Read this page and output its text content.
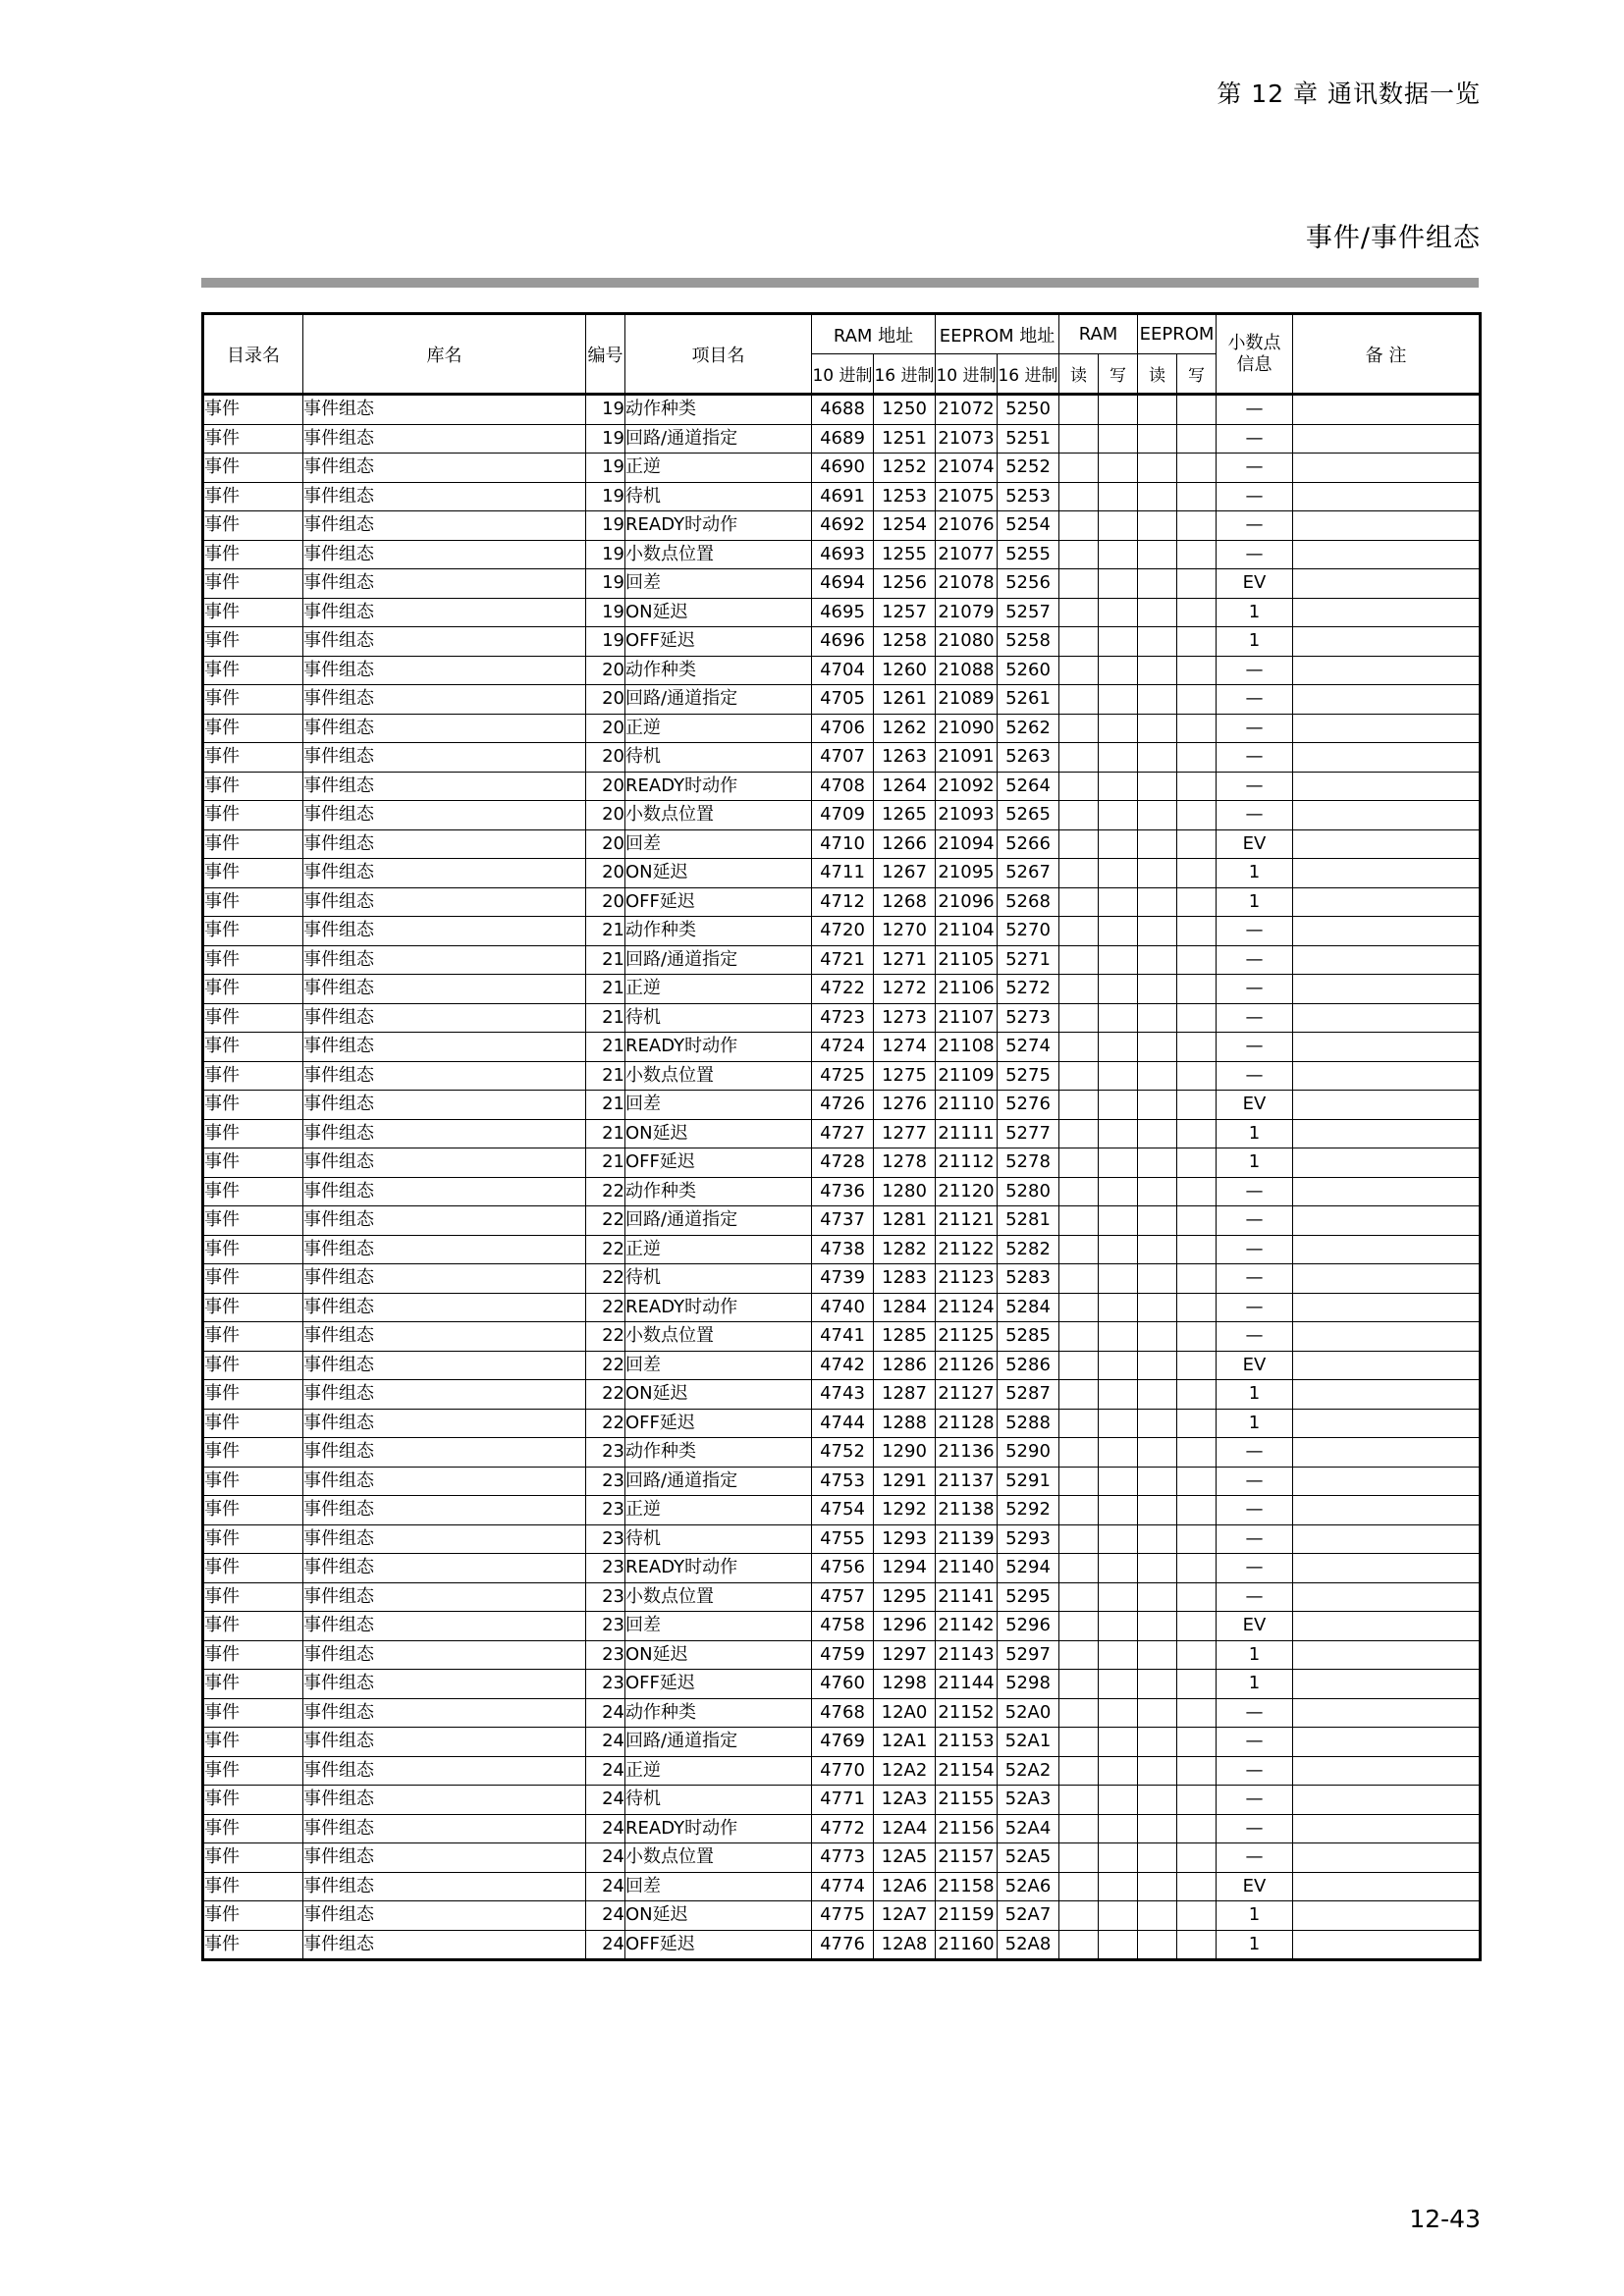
第 12 章 通讯数据一览
事件/事件组态
目录名	库名	编号	项目名	RAM 地址		EEPROM 地址		RAM		EEPROM		小数点信息	备 注
				10 进制	16 进制	10 进制	16 进制	读	写	读	写		
事件	事件组态	19	动作种类	4688	1250	21072	5250					—	
事件	事件组态	19	回路/通道指定	4689	1251	21073	5251					—	
事件	事件组态	19	正逆	4690	1252	21074	5252					—	
事件	事件组态	19	待机	4691	1253	21075	5253					—	
事件	事件组态	19	READY时动作	4692	1254	21076	5254					—	
事件	事件组态	19	小数点位置	4693	1255	21077	5255					—	
事件	事件组态	19	回差	4694	1256	21078	5256					EV	
事件	事件组态	19	ON延迟	4695	1257	21079	5257					1	
事件	事件组态	19	OFF延迟	4696	1258	21080	5258					1	
事件	事件组态	20	动作种类	4704	1260	21088	5260					—	
事件	事件组态	20	回路/通道指定	4705	1261	21089	5261					—	
事件	事件组态	20	正逆	4706	1262	21090	5262					—	
事件	事件组态	20	待机	4707	1263	21091	5263					—	
事件	事件组态	20	READY时动作	4708	1264	21092	5264					—	
事件	事件组态	20	小数点位置	4709	1265	21093	5265					—	
事件	事件组态	20	回差	4710	1266	21094	5266					EV	
事件	事件组态	20	ON延迟	4711	1267	21095	5267					1	
事件	事件组态	20	OFF延迟	4712	1268	21096	5268					1	
事件	事件组态	21	动作种类	4720	1270	21104	5270					—	
事件	事件组态	21	回路/通道指定	4721	1271	21105	5271					—	
事件	事件组态	21	正逆	4722	1272	21106	5272					—	
事件	事件组态	21	待机	4723	1273	21107	5273					—	
事件	事件组态	21	READY时动作	4724	1274	21108	5274					—	
事件	事件组态	21	小数点位置	4725	1275	21109	5275					—	
事件	事件组态	21	回差	4726	1276	21110	5276					EV	
事件	事件组态	21	ON延迟	4727	1277	21111	5277					1	
事件	事件组态	21	OFF延迟	4728	1278	21112	5278					1	
事件	事件组态	22	动作种类	4736	1280	21120	5280					—	
事件	事件组态	22	回路/通道指定	4737	1281	21121	5281					—	
事件	事件组态	22	正逆	4738	1282	21122	5282					—	
事件	事件组态	22	待机	4739	1283	21123	5283					—	
事件	事件组态	22	READY时动作	4740	1284	21124	5284					—	
事件	事件组态	22	小数点位置	4741	1285	21125	5285					—	
事件	事件组态	22	回差	4742	1286	21126	5286					EV	
事件	事件组态	22	ON延迟	4743	1287	21127	5287					1	
事件	事件组态	22	OFF延迟	4744	1288	21128	5288					1	
事件	事件组态	23	动作种类	4752	1290	21136	5290					—	
事件	事件组态	23	回路/通道指定	4753	1291	21137	5291					—	
事件	事件组态	23	正逆	4754	1292	21138	5292					—	
事件	事件组态	23	待机	4755	1293	21139	5293					—	
事件	事件组态	23	READY时动作	4756	1294	21140	5294					—	
事件	事件组态	23	小数点位置	4757	1295	21141	5295					—	
事件	事件组态	23	回差	4758	1296	21142	5296					EV	
事件	事件组态	23	ON延迟	4759	1297	21143	5297					1	
事件	事件组态	23	OFF延迟	4760	1298	21144	5298					1	
事件	事件组态	24	动作种类	4768	12A0	21152	52A0					—	
事件	事件组态	24	回路/通道指定	4769	12A1	21153	52A1					—	
事件	事件组态	24	正逆	4770	12A2	21154	52A2					—	
事件	事件组态	24	待机	4771	12A3	21155	52A3					—	
事件	事件组态	24	READY时动作	4772	12A4	21156	52A4					—	
事件	事件组态	24	小数点位置	4773	12A5	21157	52A5					—	
事件	事件组态	24	回差	4774	12A6	21158	52A6					EV	
事件	事件组态	24	ON延迟	4775	12A7	21159	52A7					1	
事件	事件组态	24	OFF延迟	4776	12A8	21160	52A8					1	
12-43
